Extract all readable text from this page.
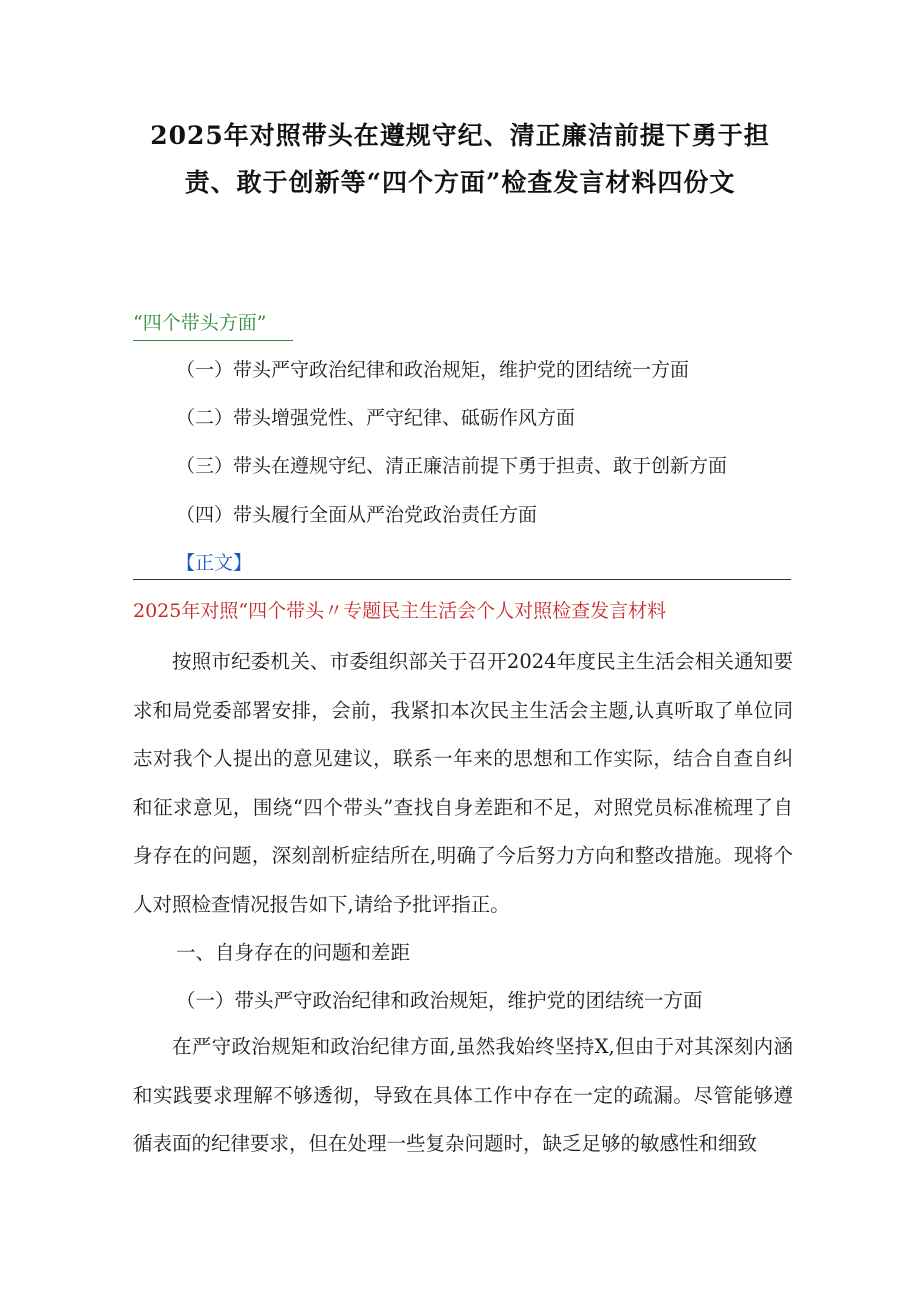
2025年对照带头在遵规守纪、清正廉洁前提下勇于担责、敢于创新等“四个方面”检查发言材料四份文
“四个带头方面”
（一）带头严守政治纪律和政治规矩，维护党的团结统一方面
（二）带头增强党性、严守纪律、砥砺作风方面
（三）带头在遵规守纪、清正廉洁前提下勇于担责、敢于创新方面
（四）带头履行全面从严治党政治责任方面
【正文】
2025年对照“四个带头〃专题民主生活会个人对照检查发言材料
按照市纪委机关、市委组织部关于召开2024年度民主生活会相关通知要求和局党委部署安排，会前，我紧扣本次民主生活会主题,认真听取了单位同志对我个人提出的意见建议，联系一年来的思想和工作实际，结合自查自纠和征求意见，围绕“四个带头”查找自身差距和不足，对照党员标准梳理了自身存在的问题，深刻剖析症结所在,明确了今后努力方向和整改措施。现将个人对照检查情况报告如下,请给予批评指正。
一、自身存在的问题和差距
（一）带头严守政治纪律和政治规矩，维护党的团结统一方面
在严守政治规矩和政治纪律方面,虽然我始终坚持X,但由于对其深刻内涵和实践要求理解不够透彻，导致在具体工作中存在一定的疏漏。尽管能够遵循表面的纪律要求，但在处理一些复杂问题时，缺乏足够的敏感性和细致
